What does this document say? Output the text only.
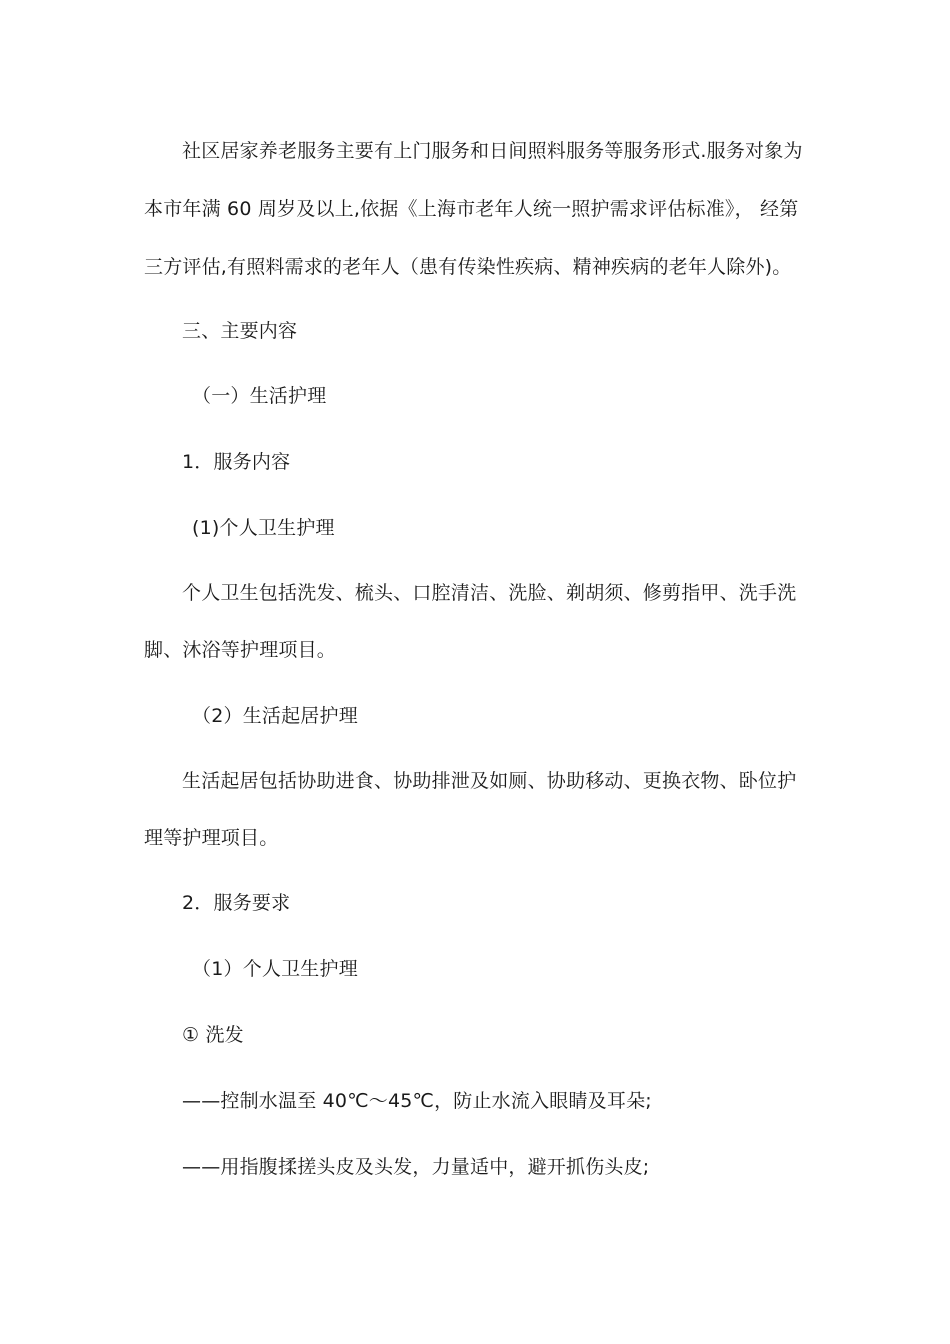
社区居家养老服务主要有上门服务和日间照料服务等服务形式.服务对象为
本市年满 60 周岁及以上,依据《上海市老年人统一照护需求评估标准》， 经第
三方评估,有照料需求的老年人（患有传染性疾病、精神疾病的老年人除外)。
三、主要内容
（一）生活护理
1．服务内容
(1)个人卫生护理
个人卫生包括洗发、梳头、口腔清洁、洗脸、剃胡须、修剪指甲、洗手洗
脚、沐浴等护理项目。
（2）生活起居护理
生活起居包括协助进食、协助排泄及如厕、协助移动、更换衣物、卧位护
理等护理项目。
2．服务要求
（1）个人卫生护理
① 洗发
——控制水温至 40℃～45℃，防止水流入眼睛及耳朵;
——用指腹揉搓头皮及头发，力量适中，避开抓伤头皮;
